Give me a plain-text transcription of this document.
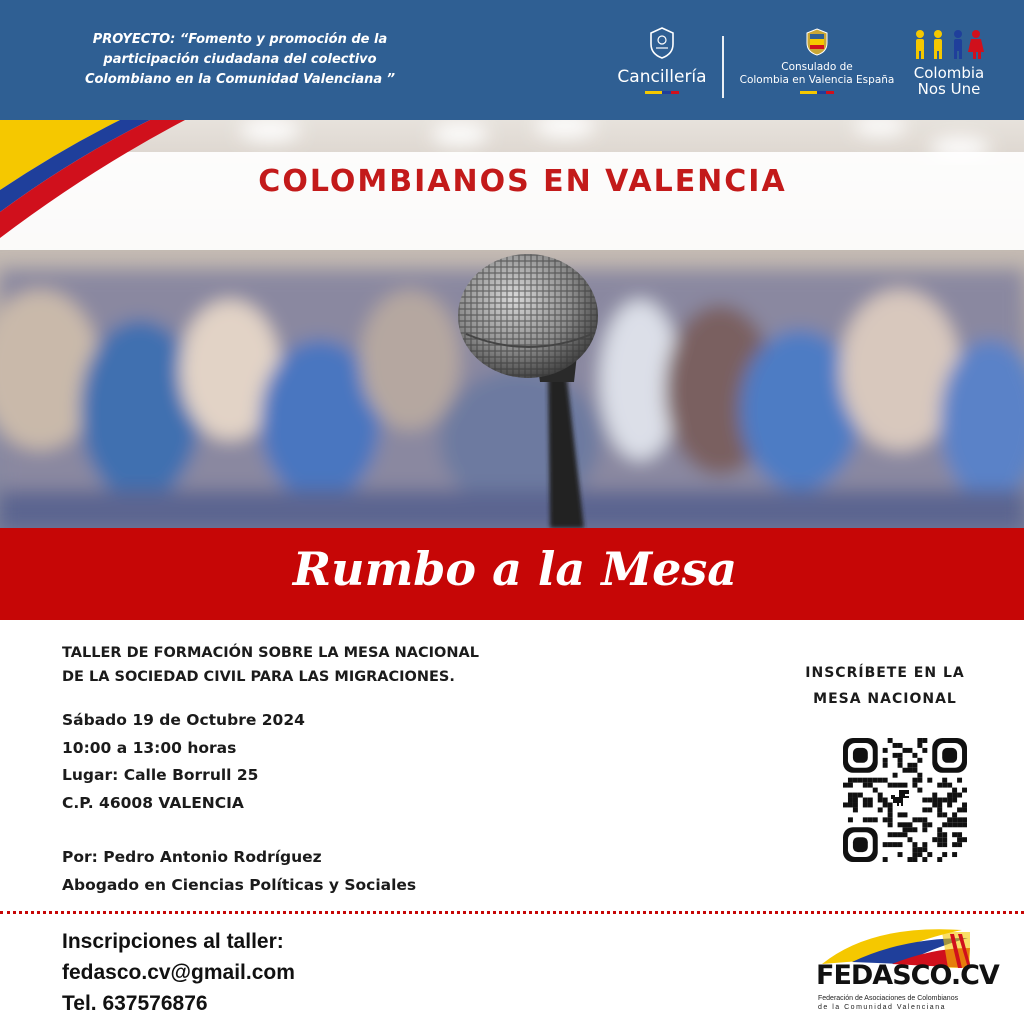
PROYECTO: “Fomento y promoción de la
participación ciudadana del colectivo
Colombiano en la Comunidad Valenciana ”	Cancillería	Consulado de
Colombia en Valencia España	Colombia
Nos Une
COLOMBIANOS EN VALENCIA
Rumbo a la Mesa
TALLER DE FORMACIÓN SOBRE LA MESA NACIONAL
DE LA SOCIEDAD CIVIL PARA LAS MIGRACIONES.
Sábado 19 de Octubre 2024
10:00 a 13:00 horas
Lugar: Calle Borrull 25
C.P. 46008 VALENCIA
Por: Pedro Antonio Rodríguez
Abogado en Ciencias Políticas y Sociales
INSCRÍBETE EN LA
MESA NACIONAL
Inscripciones al taller:
fedasco.cv@gmail.com
Tel. 637576876
FEDASCO.CV
Federación de Asociaciones de Colombianos
de la Comunidad Valenciana
